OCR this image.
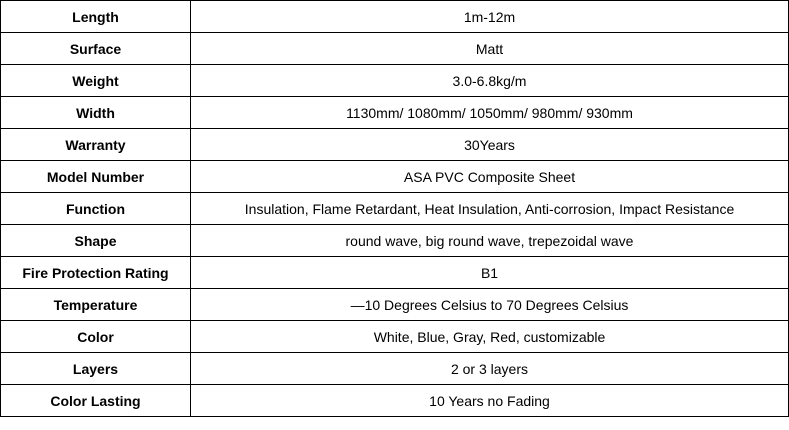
Length	1m-12m
Surface	Matt
Weight	3.0-6.8kg/m
Width	1130mm/ 1080mm/ 1050mm/ 980mm/ 930mm
Warranty	30Years
Model Number	ASA PVC Composite Sheet
Function	Insulation, Flame Retardant, Heat Insulation, Anti-corrosion, Impact Resistance
Shape	round wave, big round wave, trepezoidal wave
Fire Protection Rating	B1
Temperature	—10 Degrees Celsius to 70 Degrees Celsius
Color	White, Blue, Gray, Red, customizable
Layers	2 or 3 layers
Color Lasting	10 Years no Fading
